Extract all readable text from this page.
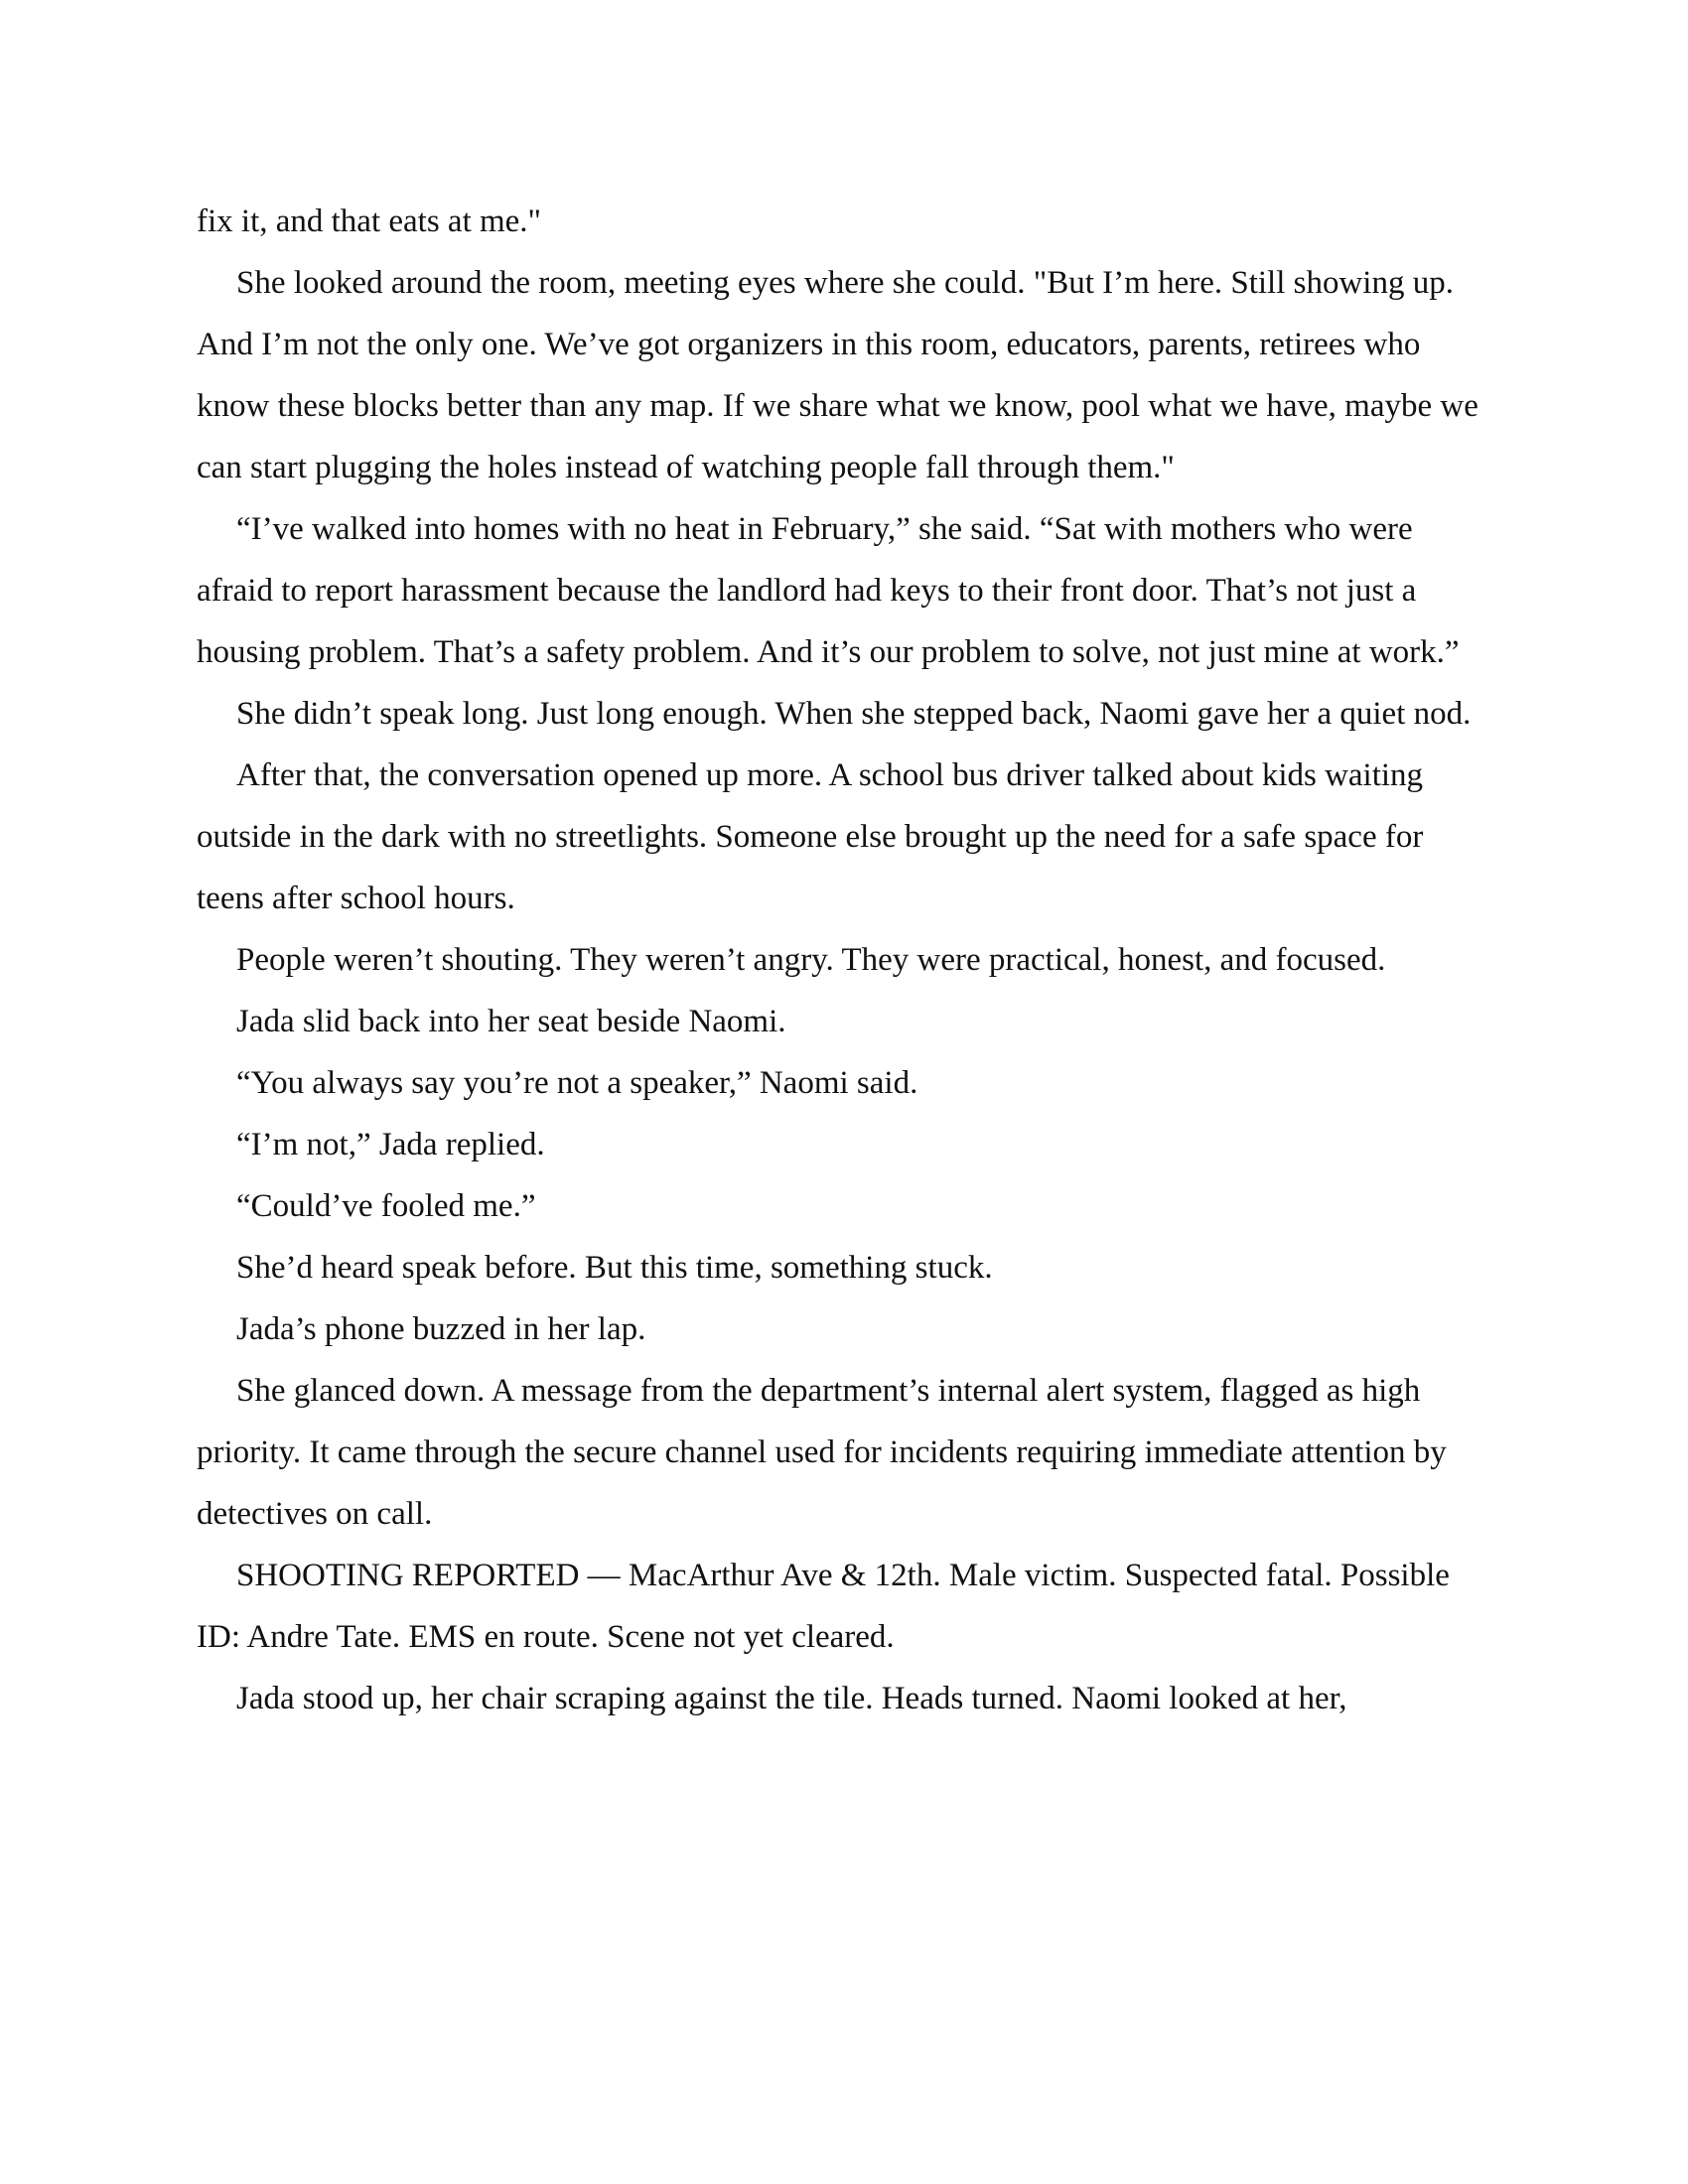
fix it, and that eats at me."

She looked around the room, meeting eyes where she could. "But I’m here. Still showing up. And I’m not the only one. We’ve got organizers in this room, educators, parents, retirees who know these blocks better than any map. If we share what we know, pool what we have, maybe we can start plugging the holes instead of watching people fall through them."

“I’ve walked into homes with no heat in February,” she said. “Sat with mothers who were afraid to report harassment because the landlord had keys to their front door. That’s not just a housing problem. That’s a safety problem. And it’s our problem to solve, not just mine at work.”

She didn’t speak long. Just long enough. When she stepped back, Naomi gave her a quiet nod.

After that, the conversation opened up more. A school bus driver talked about kids waiting outside in the dark with no streetlights. Someone else brought up the need for a safe space for teens after school hours.

People weren’t shouting. They weren’t angry. They were practical, honest, and focused.

Jada slid back into her seat beside Naomi.

“You always say you’re not a speaker,” Naomi said.

“I’m not,” Jada replied.

“Could’ve fooled me.”

She’d heard speak before. But this time, something stuck.

Jada’s phone buzzed in her lap.

She glanced down. A message from the department’s internal alert system, flagged as high priority. It came through the secure channel used for incidents requiring immediate attention by detectives on call.

SHOOTING REPORTED — MacArthur Ave & 12th. Male victim. Suspected fatal. Possible ID: Andre Tate. EMS en route. Scene not yet cleared.

Jada stood up, her chair scraping against the tile. Heads turned. Naomi looked at her,
